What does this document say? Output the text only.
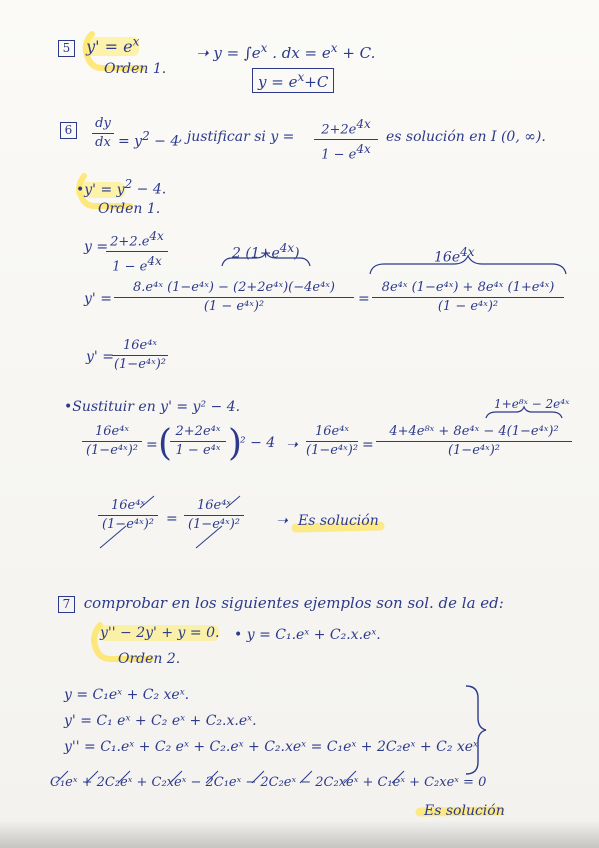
5 $y' = e^x$
Orden 1.
➝ $y = \int e^x$ . dx = $e^x + C$.
$y = e^x+C$
6	dy
dx = $y^2 - 4$
, justificar si y =	$2+2e^{4x}$
$1 - e^{4x}$
es solución en I (0, ∞).
•y' = $y^2 - 4$.
Orden 1.
$y = 2+2.e^{4x}$
$1 - e^{4x}$	2 $(1+e^{4x})$	$16e^{4x}$
y' =
8.e⁴ˣ (1−e⁴ˣ) − (2+2e⁴ˣ)(−4e⁴ˣ)
(1 − e⁴ˣ)²	=
8e⁴ˣ (1−e⁴ˣ) + 8e⁴ˣ (1+e⁴ˣ)
(1 − e⁴ˣ)²
y' =
16e⁴ˣ
(1−e⁴ˣ)²
•Sustituir en y' = y² − 4.	1+e⁸ˣ − 2e⁴ˣ
16e⁴ˣ
(1−e⁴ˣ)² = ( 2+2e⁴ˣ
1 − e⁴ˣ )
² − 4 ➝
16e⁴ˣ
(1−e⁴ˣ)² =
4+4e⁸ˣ + 8e⁴ˣ − 4(1−e⁴ˣ)²
(1−e⁴ˣ)²
16e⁴ˣ
(1−e⁴ˣ)² =
16e⁴ˣ
(1−e⁴ˣ)²	➝ Es solución
7 comprobar en los siguientes ejemplos son sol. de la ed:
y'' − 2y' + y = 0. • y = C₁.eˣ + C₂.x.eˣ.
Orden 2.
y = C₁eˣ + C₂ xeˣ.
y' = C₁ eˣ + C₂ eˣ + C₂.x.eˣ.
y'' = C₁.eˣ + C₂ eˣ + C₂.eˣ + C₂.xeˣ = C₁eˣ + 2C₂eˣ + C₂ xeˣ
C₁eˣ + 2C₂eˣ + C₂xeˣ − 2C₁eˣ − 2C₂eˣ − 2C₂xeˣ + C₁eˣ + C₂xeˣ = 0
Es solución
